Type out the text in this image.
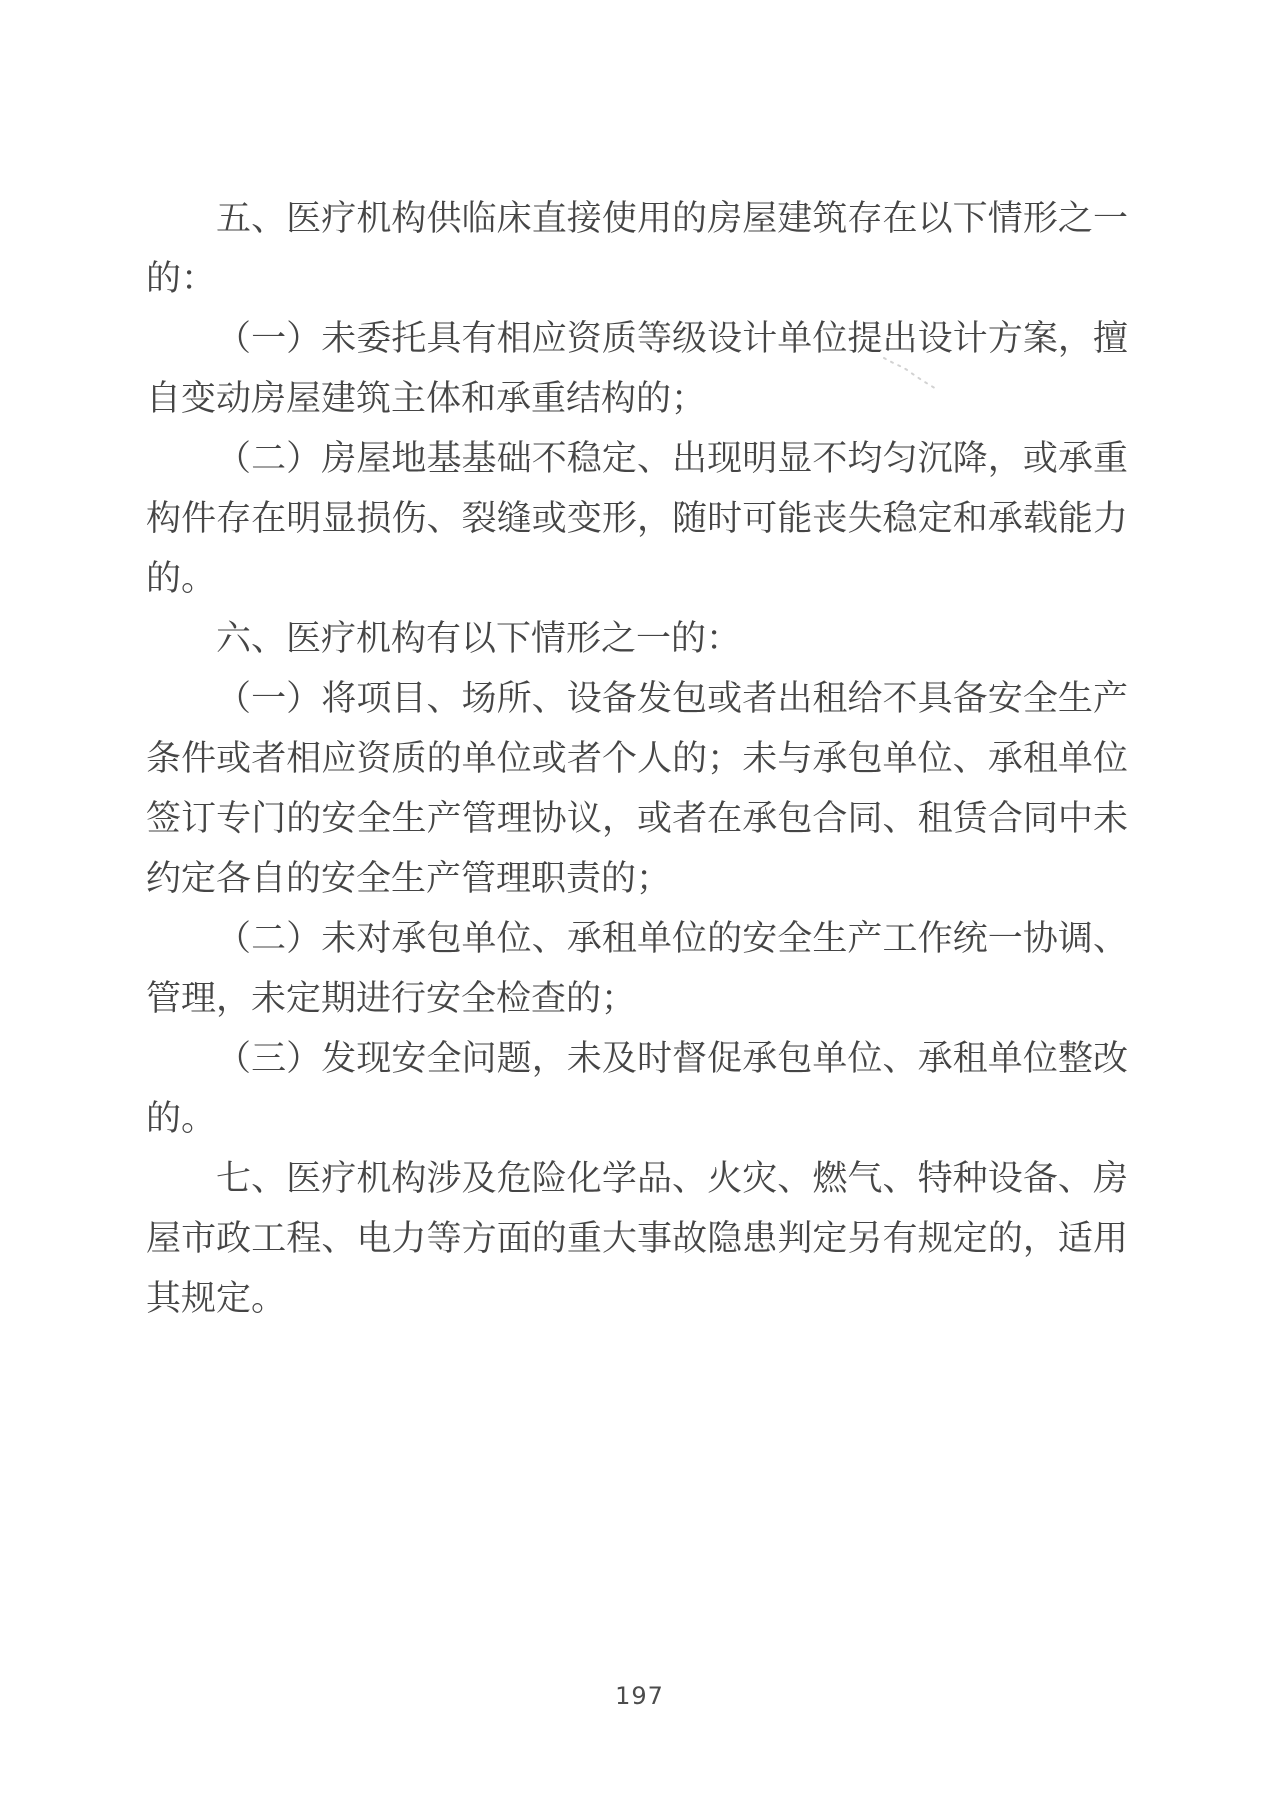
五、医疗机构供临床直接使用的房屋建筑存在以下情形之一的：

（一）未委托具有相应资质等级设计单位提出设计方案，擅自变动房屋建筑主体和承重结构的；

（二）房屋地基基础不稳定、出现明显不均匀沉降，或承重构件存在明显损伤、裂缝或变形，随时可能丧失稳定和承载能力的。

六、医疗机构有以下情形之一的：

（一）将项目、场所、设备发包或者出租给不具备安全生产条件或者相应资质的单位或者个人的；未与承包单位、承租单位签订专门的安全生产管理协议，或者在承包合同、租赁合同中未约定各自的安全生产管理职责的；

（二）未对承包单位、承租单位的安全生产工作统一协调、管理，未定期进行安全检查的；

（三）发现安全问题，未及时督促承包单位、承租单位整改的。

七、医疗机构涉及危险化学品、火灾、燃气、特种设备、房屋市政工程、电力等方面的重大事故隐患判定另有规定的，适用其规定。

197
